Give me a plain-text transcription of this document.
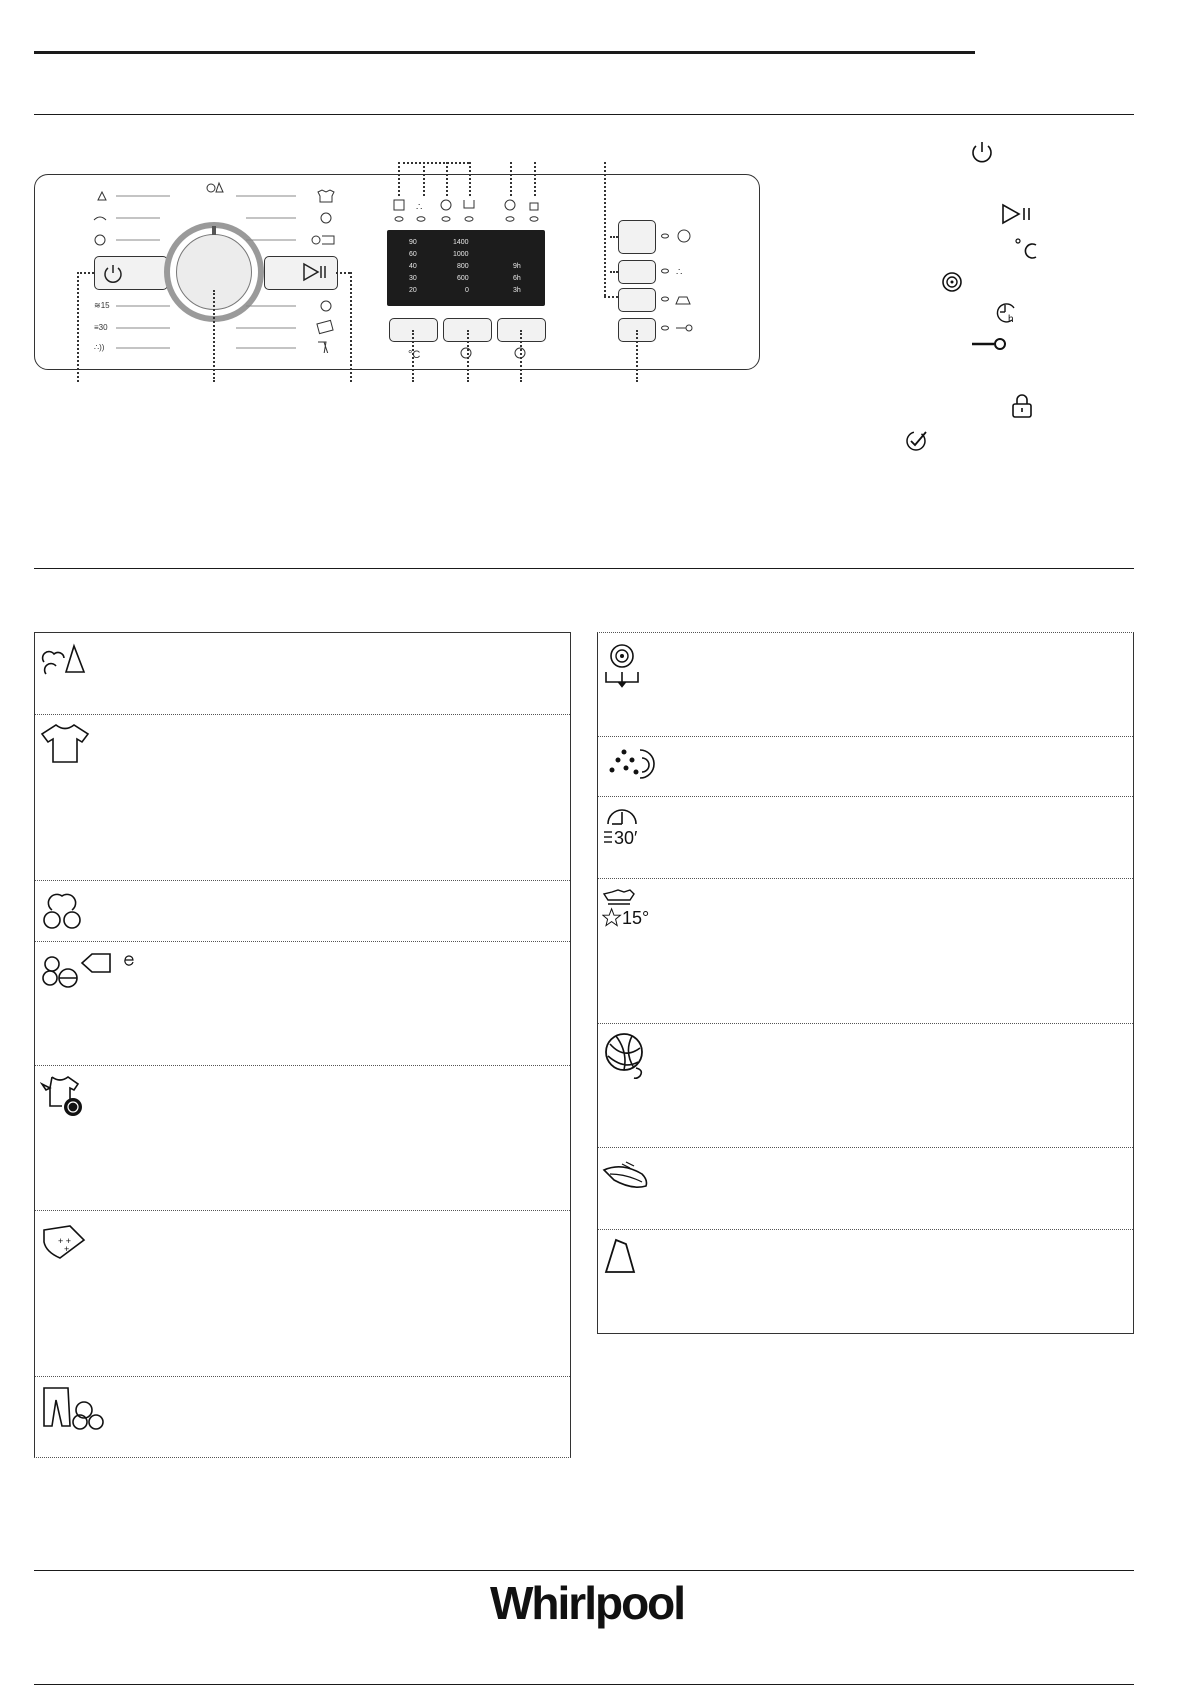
≋15
≡30
∴))
∴
90
60
40
30
20
1400
1000
800
600
0
9h
6h
3h
°C
∴
h
+ +
+
30′
15°
Whirlpool
